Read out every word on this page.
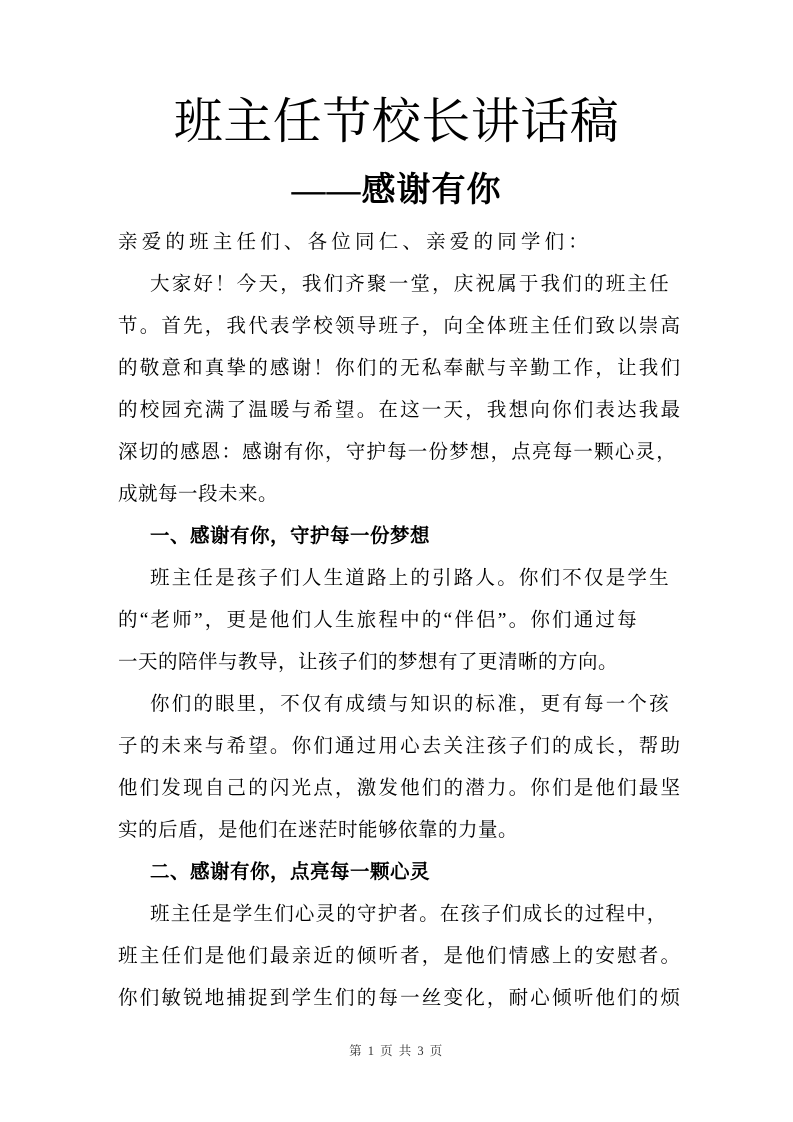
班主任节校长讲话稿
——感谢有你
亲爱的班主任们、各位同仁、亲爱的同学们：
大家好！今天，我们齐聚一堂，庆祝属于我们的班主任
节。首先，我代表学校领导班子，向全体班主任们致以崇高
的敬意和真挚的感谢！你们的无私奉献与辛勤工作，让我们
的校园充满了温暖与希望。在这一天，我想向你们表达我最
深切的感恩：感谢有你，守护每一份梦想，点亮每一颗心灵，
成就每一段未来。
一、感谢有你，守护每一份梦想
班主任是孩子们人生道路上的引路人。你们不仅是学生
的“老师”，更是他们人生旅程中的“伴侣”。你们通过每
一天的陪伴与教导，让孩子们的梦想有了更清晰的方向。
你们的眼里，不仅有成绩与知识的标准，更有每一个孩
子的未来与希望。你们通过用心去关注孩子们的成长，帮助
他们发现自己的闪光点，激发他们的潜力。你们是他们最坚
实的后盾，是他们在迷茫时能够依靠的力量。
二、感谢有你，点亮每一颗心灵
班主任是学生们心灵的守护者。在孩子们成长的过程中，
班主任们是他们最亲近的倾听者，是他们情感上的安慰者。
你们敏锐地捕捉到学生们的每一丝变化，耐心倾听他们的烦
第 1 页 共 3 页
